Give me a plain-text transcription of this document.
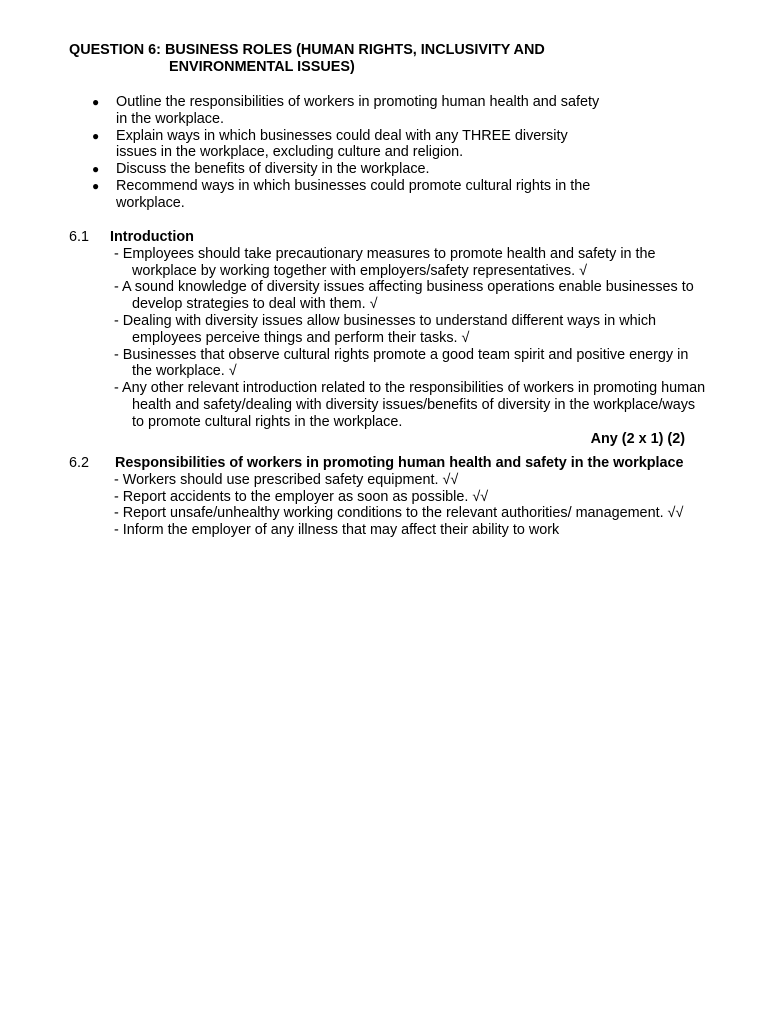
QUESTION 6: BUSINESS ROLES (HUMAN RIGHTS, INCLUSIVITY AND
ENVIRONMENTAL ISSUES)
●	Outline the responsibilities of workers in promoting human health and safety in the workplace.
●	Explain ways in which businesses could deal with any THREE diversity issues in the workplace, excluding culture and religion.
●	Discuss the benefits of diversity in the workplace.
●	Recommend ways in which businesses could promote cultural rights in the workplace.
6.1	Introduction
- Employees should take precautionary measures to promote health and safety in the workplace by working together with employers/safety representatives. √
- A sound knowledge of diversity issues affecting business operations enable businesses to develop strategies to deal with them. √
- Dealing with diversity issues allow businesses to understand different ways in which employees perceive things and perform their tasks. √
- Businesses that observe cultural rights promote a good team spirit and positive energy in the workplace. √
- Any other relevant introduction related to the responsibilities of workers in promoting human health and safety/dealing with diversity issues/benefits of diversity in the workplace/ways to promote cultural rights in the workplace.
Any (2 x 1) (2)
6.2	Responsibilities of workers in promoting human health and safety in the workplace
- Workers should use prescribed safety equipment. √√
- Report accidents to the employer as soon as possible. √√
- Report unsafe/unhealthy working conditions to the relevant authorities/ management. √√
- Inform the employer of any illness that may affect their ability to work
